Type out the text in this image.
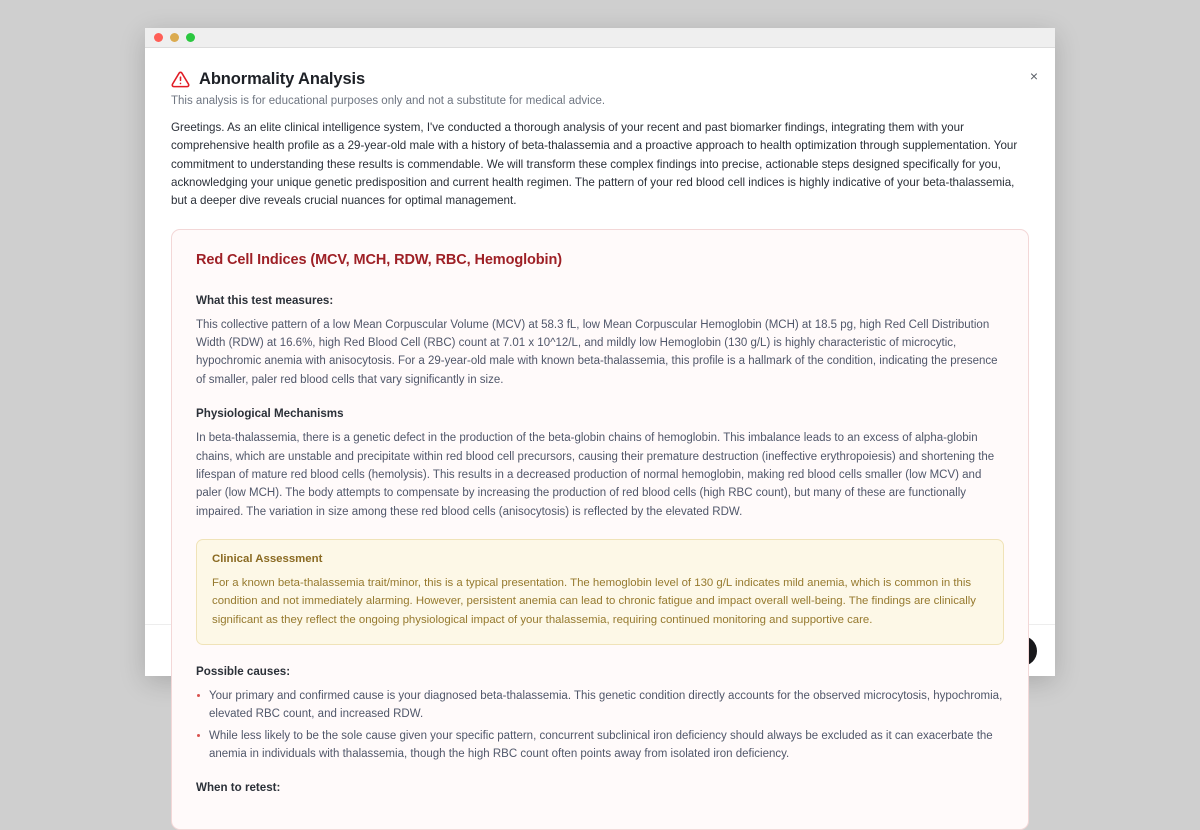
Abnormality Analysis
This analysis is for educational purposes only and not a substitute for medical advice.
×

Greetings. As an elite clinical intelligence system, I've conducted a thorough analysis of your recent and past biomarker findings, integrating them with your comprehensive health profile as a 29-year-old male with a history of beta-thalassemia and a proactive approach to health optimization through supplementation. Your commitment to understanding these results is commendable. We will transform these complex findings into precise, actionable steps designed specifically for you, acknowledging your unique genetic predisposition and current health regimen. The pattern of your red blood cell indices is highly indicative of your beta-thalassemia, but a deeper dive reveals crucial nuances for optimal management.

Red Cell Indices (MCV, MCH, RDW, RBC, Hemoglobin)
What this test measures:
This collective pattern of a low Mean Corpuscular Volume (MCV) at 58.3 fL, low Mean Corpuscular Hemoglobin (MCH) at 18.5 pg, high Red Cell Distribution Width (RDW) at 16.6%, high Red Blood Cell (RBC) count at 7.01 x 10^12/L, and mildly low Hemoglobin (130 g/L) is highly characteristic of microcytic, hypochromic anemia with anisocytosis. For a 29-year-old male with known beta-thalassemia, this profile is a hallmark of the condition, indicating the presence of smaller, paler red blood cells that vary significantly in size.
Physiological Mechanisms
In beta-thalassemia, there is a genetic defect in the production of the beta-globin chains of hemoglobin. This imbalance leads to an excess of alpha-globin chains, which are unstable and precipitate within red blood cell precursors, causing their premature destruction (ineffective erythropoiesis) and shortening the lifespan of mature red blood cells (hemolysis). This results in a decreased production of normal hemoglobin, making red blood cells smaller (low MCV) and paler (low MCH). The body attempts to compensate by increasing the production of red blood cells (high RBC count), but many of these are functionally impaired. The variation in size among these red blood cells (anisocytosis) is reflected by the elevated RDW.
Clinical Assessment
For a known beta-thalassemia trait/minor, this is a typical presentation. The hemoglobin level of 130 g/L indicates mild anemia, which is common in this condition and not immediately alarming. However, persistent anemia can lead to chronic fatigue and impact overall well-being. The findings are clinically significant as they reflect the ongoing physiological impact of your thalassemia, requiring continued monitoring and supportive care.
Possible causes:
Your primary and confirmed cause is your diagnosed beta-thalassemia. This genetic condition directly accounts for the observed microcytosis, hypochromia, elevated RBC count, and increased RDW.
While less likely to be the sole cause given your specific pattern, concurrent subclinical iron deficiency should always be excluded as it can exacerbate the anemia in individuals with thalassemia, though the high RBC count often points away from isolated iron deficiency.
When to retest:
